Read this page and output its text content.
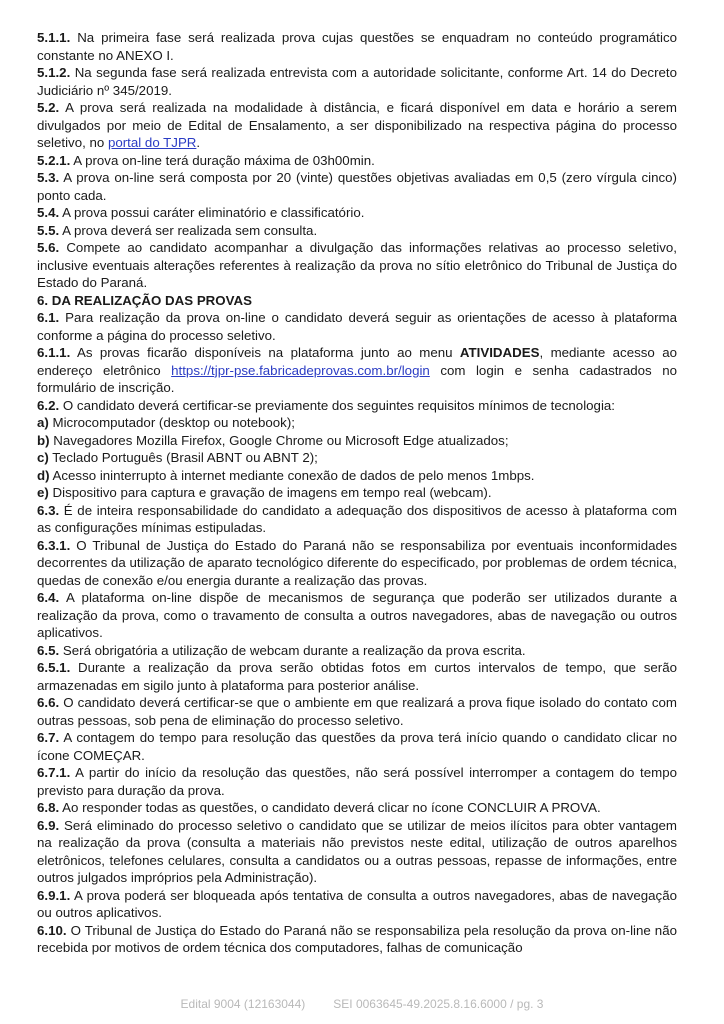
5.1.1. Na primeira fase será realizada prova cujas questões se enquadram no conteúdo programático constante no ANEXO I.

5.1.2. Na segunda fase será realizada entrevista com a autoridade solicitante, conforme Art. 14 do Decreto Judiciário nº 345/2019.

5.2. A prova será realizada na modalidade à distância, e ficará disponível em data e horário a serem divulgados por meio de Edital de Ensalamento, a ser disponibilizado na respectiva página do processo seletivo, no portal do TJPR.

5.2.1. A prova on-line terá duração máxima de 03h00min.

5.3. A prova on-line será composta por 20 (vinte) questões objetivas avaliadas em 0,5 (zero vírgula cinco) ponto cada.

5.4. A prova possui caráter eliminatório e classificatório.

5.5. A prova deverá ser realizada sem consulta.

5.6. Compete ao candidato acompanhar a divulgação das informações relativas ao processo seletivo, inclusive eventuais alterações referentes à realização da prova no sítio eletrônico do Tribunal de Justiça do Estado do Paraná.

6. DA REALIZAÇÃO DAS PROVAS

6.1. Para realização da prova on-line o candidato deverá seguir as orientações de acesso à plataforma conforme a página do processo seletivo.

6.1.1. As provas ficarão disponíveis na plataforma junto ao menu ATIVIDADES, mediante acesso ao endereço eletrônico https://tjpr-pse.fabricadeprovas.com.br/login com login e senha cadastrados no formulário de inscrição.

6.2. O candidato deverá certificar-se previamente dos seguintes requisitos mínimos de tecnologia:

a) Microcomputador (desktop ou notebook);

b) Navegadores Mozilla Firefox, Google Chrome ou Microsoft Edge atualizados;

c) Teclado Português (Brasil ABNT ou ABNT 2);

d) Acesso ininterrupto à internet mediante conexão de dados de pelo menos 1mbps.

e) Dispositivo para captura e gravação de imagens em tempo real (webcam).

6.3. É de inteira responsabilidade do candidato a adequação dos dispositivos de acesso à plataforma com as configurações mínimas estipuladas.

6.3.1. O Tribunal de Justiça do Estado do Paraná não se responsabiliza por eventuais inconformidades decorrentes da utilização de aparato tecnológico diferente do especificado, por problemas de ordem técnica, quedas de conexão e/ou energia durante a realização das provas.

6.4. A plataforma on-line dispõe de mecanismos de segurança que poderão ser utilizados durante a realização da prova, como o travamento de consulta a outros navegadores, abas de navegação ou outros aplicativos.

6.5. Será obrigatória a utilização de webcam durante a realização da prova escrita.

6.5.1. Durante a realização da prova serão obtidas fotos em curtos intervalos de tempo, que serão armazenadas em sigilo junto à plataforma para posterior análise.

6.6. O candidato deverá certificar-se que o ambiente em que realizará a prova fique isolado do contato com outras pessoas, sob pena de eliminação do processo seletivo.

6.7. A contagem do tempo para resolução das questões da prova terá início quando o candidato clicar no ícone COMEÇAR.

6.7.1. A partir do início da resolução das questões, não será possível interromper a contagem do tempo previsto para duração da prova.

6.8. Ao responder todas as questões, o candidato deverá clicar no ícone CONCLUIR A PROVA.

6.9. Será eliminado do processo seletivo o candidato que se utilizar de meios ilícitos para obter vantagem na realização da prova (consulta a materiais não previstos neste edital, utilização de outros aparelhos eletrônicos, telefones celulares, consulta a candidatos ou a outras pessoas, repasse de informações, entre outros julgados impróprios pela Administração).

6.9.1. A prova poderá ser bloqueada após tentativa de consulta a outros navegadores, abas de navegação ou outros aplicativos.

6.10. O Tribunal de Justiça do Estado do Paraná não se responsabiliza pela resolução da prova on-line não recebida por motivos de ordem técnica dos computadores, falhas de comunicação

Edital 9004 (12163044) SEI 0063645-49.2025.8.16.6000 / pg. 3
